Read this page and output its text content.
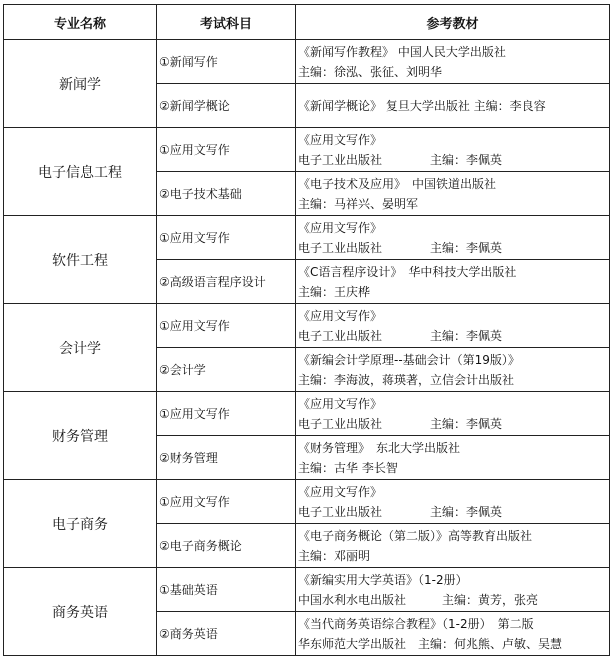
​
专业名称	考试科目	参考教材
新闻学	①新闻写作	《新闻写作教程》 中国人民大学出版社
主编：徐泓、张征、刘明华

	②新闻学概论	《新闻学概论》 复旦大学出版社 主编：李良容

电子信息工程	①应用文写作	《应用文写作》
电子工业出版社　　　　主编：李佩英

	②电子技术基础	《电子技术及应用》　中国铁道出版社
主编：马祥兴、晏明军

软件工程	①应用文写作	《应用文写作》
电子工业出版社　　　　主编：李佩英

	②高级语言程序设计	《C语言程序设计》　华中科技大学出版社
主编：王庆桦

会计学	①应用文写作	《应用文写作》
电子工业出版社　　　　主编：李佩英

	②会计学	《新编会计学原理--基础会计（第19版）》
主编：李海波，蒋瑛著，立信会计出版社

财务管理	①应用文写作	《应用文写作》
电子工业出版社　　　　主编：李佩英

	②财务管理	《财务管理》　东北大学出版社
主编：古华 李长智

电子商务	①应用文写作	《应用文写作》
电子工业出版社　　　　主编：李佩英

	②电子商务概论	《电子商务概论（第二版）》高等教育出版社
主编：邓丽明

商务英语	①基础英语	《新编实用大学英语》（1-2册）
中国水利水电出版社　　　主编：黄芳，张亮

	②商务英语	《当代商务英语综合教程》（1-2册）　第二版
华东师范大学出版社　主编：何兆熊、卢敏、吴慧
